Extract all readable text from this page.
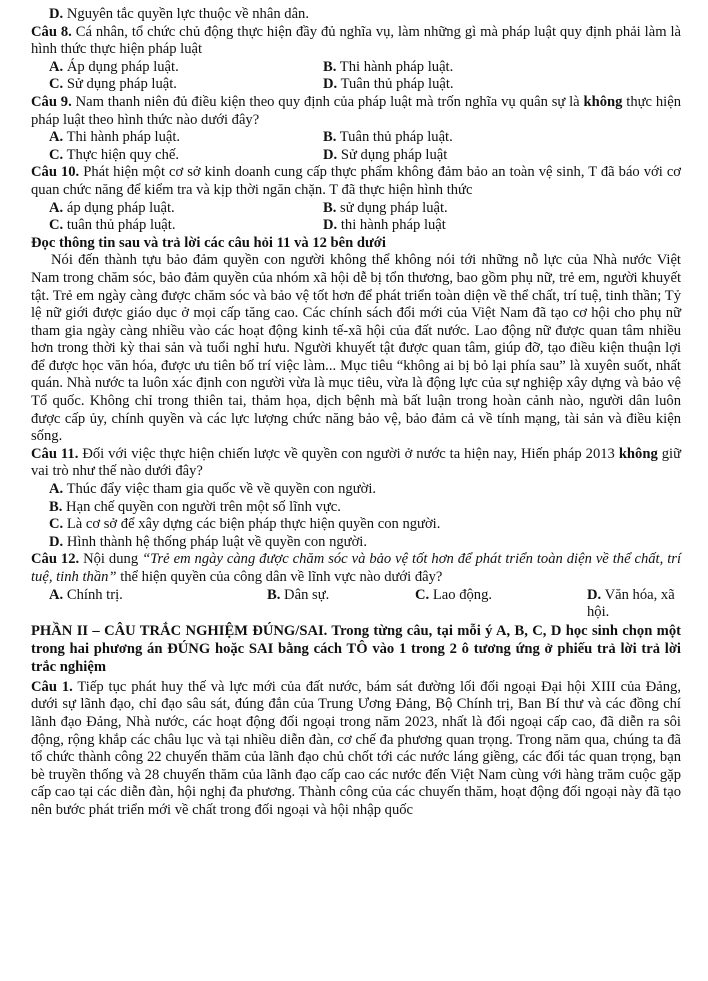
D. Nguyên tắc quyền lực thuộc về nhân dân.
Câu 8. Cá nhân, tổ chức chủ động thực hiện đầy đủ nghĩa vụ, làm những gì mà pháp luật quy định phải làm là hình thức thực hiện pháp luật
A. Áp dụng pháp luật.	B. Thi hành pháp luật.
C. Sử dụng pháp luật.	D. Tuân thủ pháp luật.
Câu 9. Nam thanh niên đủ điều kiện theo quy định của pháp luật mà trốn nghĩa vụ quân sự là không thực hiện pháp luật theo hình thức nào dưới đây?
A. Thi hành pháp luật.	B. Tuân thủ pháp luật.
C. Thực hiện quy chế.	D. Sử dụng pháp luật
Câu 10. Phát hiện một cơ sở kinh doanh cung cấp thực phẩm không đảm bảo an toàn vệ sinh, T đã báo với cơ quan chức năng để kiểm tra và kịp thời ngăn chặn. T đã thực hiện hình thức
A. áp dụng pháp luật.	B. sử dụng pháp luật.
C. tuân thủ pháp luật.	D. thi hành pháp luật
Đọc thông tin sau và trả lời các câu hỏi 11 và 12 bên dưới
Nói đến thành tựu bảo đảm quyền con người không thể không nói tới những nỗ lực của Nhà nước Việt Nam trong chăm sóc, bảo đảm quyền của nhóm xã hội dễ bị tổn thương, bao gồm phụ nữ, trẻ em, người khuyết tật. Trẻ em ngày càng được chăm sóc và bảo vệ tốt hơn để phát triển toàn diện về thể chất, trí tuệ, tinh thần; Tỷ lệ nữ giới được giáo dục ở mọi cấp tăng cao. Các chính sách đổi mới của Việt Nam đã tạo cơ hội cho phụ nữ tham gia ngày càng nhiều vào các hoạt động kinh tế-xã hội của đất nước. Lao động nữ được quan tâm nhiều hơn trong thời kỳ thai sản và tuổi nghỉ hưu. Người khuyết tật được quan tâm, giúp đỡ, tạo điều kiện thuận lợi để được học văn hóa, được ưu tiên bố trí việc làm... Mục tiêu “không ai bị bỏ lại phía sau” là xuyên suốt, nhất quán. Nhà nước ta luôn xác định con người vừa là mục tiêu, vừa là động lực của sự nghiệp xây dựng và bảo vệ Tổ quốc. Không chỉ trong thiên tai, thảm họa, dịch bệnh mà bất luận trong hoàn cảnh nào, người dân luôn được cấp ủy, chính quyền và các lực lượng chức năng bảo vệ, bảo đảm cả về tính mạng, tài sản và điều kiện sống.
Câu 11. Đối với việc thực hiện chiến lược về quyền con người ở nước ta hiện nay, Hiến pháp 2013 không giữ vai trò như thế nào dưới đây?
A. Thúc đẩy việc tham gia quốc về về quyền con người.
B. Hạn chế quyền con người trên một số lĩnh vực.
C. Là cơ sở để xây dựng các biện pháp thực hiện quyền con người.
D. Hình thành hệ thống pháp luật về quyền con người.
Câu 12. Nội dung “Trẻ em ngày càng được chăm sóc và bảo vệ tốt hơn để phát triển toàn diện về thể chất, trí tuệ, tinh thần” thể hiện quyền của công dân về lĩnh vực nào dưới đây?
A. Chính trị.	B. Dân sự.	C. Lao động.	D. Văn hóa, xã hội.
PHẦN II – CÂU TRẮC NGHIỆM ĐÚNG/SAI. Trong từng câu, tại mỗi ý A, B, C, D học sinh chọn một trong hai phương án ĐÚNG hoặc SAI bằng cách TÔ vào 1 trong 2 ô tương ứng ở phiếu trả lời trả lời trắc nghiệm
Câu 1. Tiếp tục phát huy thế và lực mới của đất nước, bám sát đường lối đối ngoại Đại hội XIII của Đảng, dưới sự lãnh đạo, chỉ đạo sâu sát, đúng đắn của Trung Ương Đảng, Bộ Chính trị, Ban Bí thư và các đồng chí lãnh đạo Đảng, Nhà nước, các hoạt động đối ngoại trong năm 2023, nhất là đối ngoại cấp cao, đã diễn ra sôi động, rộng khắp các châu lục và tại nhiều diễn đàn, cơ chế đa phương quan trọng. Trong năm qua, chúng ta đã tổ chức thành công 22 chuyến thăm của lãnh đạo chủ chốt tới các nước láng giềng, các đối tác quan trọng, bạn bè truyền thống và 28 chuyến thăm của lãnh đạo cấp cao các nước đến Việt Nam cùng với hàng trăm cuộc gặp cấp cao tại các diễn đàn, hội nghị đa phương. Thành công của các chuyến thăm, hoạt động đối ngoại này đã tạo nên bước phát triển mới về chất trong đối ngoại và hội nhập quốc
